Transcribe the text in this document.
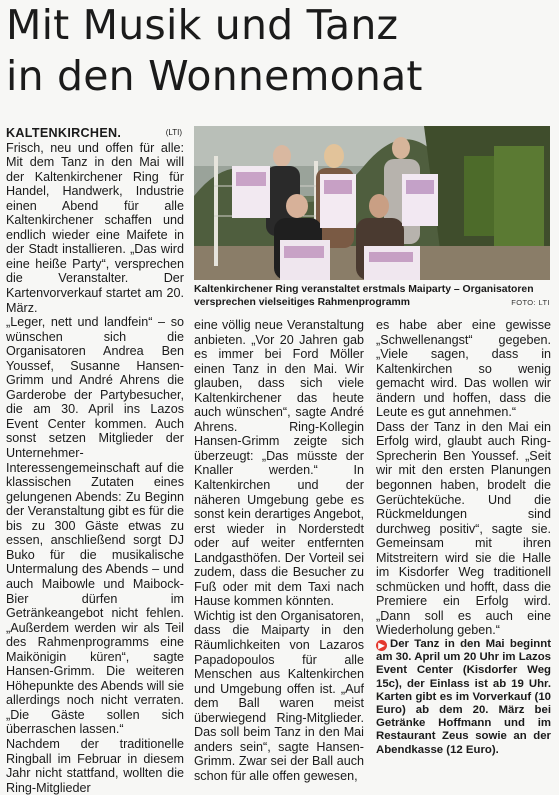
Mit Musik und Tanz
in den Wonnemonat

KALTENKIRCHEN.	(LTI)

Frisch, neu und offen für alle: Mit dem Tanz in den Mai will der Kaltenkirchener Ring für Handel, Handwerk, Industrie einen Abend für alle Kaltenkirchener schaffen und endlich wieder eine Maifete in der Stadt installieren. „Das wird eine heiße Party“, versprechen die Veranstalter. Der Kartenvorverkauf startet am 20. März.

„Leger, nett und landfein“ – so wünschen sich die Organisatoren Andrea Ben Youssef, Susanne Hansen-Grimm und André Ahrens die Garderobe der Partybesucher, die am 30. April ins Lazos Event Center kommen. Auch sonst setzen Mitglieder der Unternehmer-Interessengemeinschaft auf die klassischen Zutaten eines gelungenen Abends: Zu Beginn der Veranstaltung gibt es für die bis zu 300 Gäste etwas zu essen, anschließend sorgt DJ Buko für die musikalische Untermalung des Abends – und auch Maibowle und Maibock-Bier dürfen im Getränkeangebot nicht fehlen. „Außerdem werden wir als Teil des Rahmenprogramms eine Maikönigin küren“, sagte Hansen-Grimm. Die weiteren Höhepunkte des Abends will sie allerdings noch nicht verraten. „Die Gäste sollen sich überraschen lassen.“

Nachdem der traditionelle Ringball im Februar in diesem Jahr nicht stattfand, wollten die Ring-Mitglieder

Kaltenkirchener Ring veranstaltet erstmals Maiparty – Organisatoren versprechen vielseitiges Rahmenprogramm	FOTO: LTI

eine völlig neue Veranstaltung anbieten. „Vor 20 Jahren gab es immer bei Ford Möller einen Tanz in den Mai. Wir glauben, dass sich viele Kaltenkirchener das heute auch wünschen“, sagte André Ahrens. Ring-Kollegin Hansen-Grimm zeigte sich überzeugt: „Das müsste der Knaller werden.“ In Kaltenkirchen und der näheren Umgebung gebe es sonst kein derartiges Angebot, erst wieder in Norderstedt oder auf weiter entfernten Landgasthöfen. Der Vorteil sei zudem, dass die Besucher zu Fuß oder mit dem Taxi nach Hause kommen könnten.

Wichtig ist den Organisatoren, dass die Maiparty in den Räumlichkeiten von Lazaros Papadopoulos für alle Menschen aus Kaltenkirchen und Umgebung offen ist. „Auf dem Ball waren meist überwiegend Ring-Mitglieder. Das soll beim Tanz in den Mai anders sein“, sagte Hansen-Grimm. Zwar sei der Ball auch schon für alle offen gewesen,

es habe aber eine gewisse „Schwellenangst“ gegeben. „Viele sagen, dass in Kaltenkirchen so wenig gemacht wird. Das wollen wir ändern und hoffen, dass die Leute es gut annehmen.“

Dass der Tanz in den Mai ein Erfolg wird, glaubt auch Ring-Sprecherin Ben Youssef. „Seit wir mit den ersten Planungen begonnen haben, brodelt die Gerüchteküche. Und die Rückmeldungen sind durchweg positiv“, sagte sie. Gemeinsam mit ihren Mitstreitern wird sie die Halle im Kisdorfer Weg traditionell schmücken und hofft, dass die Premiere ein Erfolg wird. „Dann soll es auch eine Wiederholung geben.“

▶ Der Tanz in den Mai beginnt am 30. April um 20 Uhr im Lazos Event Center (Kisdorfer Weg 15c), der Einlass ist ab 19 Uhr. Karten gibt es im Vorverkauf (10 Euro) ab dem 20. März bei Getränke Hoffmann und im Restaurant Zeus sowie an der Abendkasse (12 Euro).
